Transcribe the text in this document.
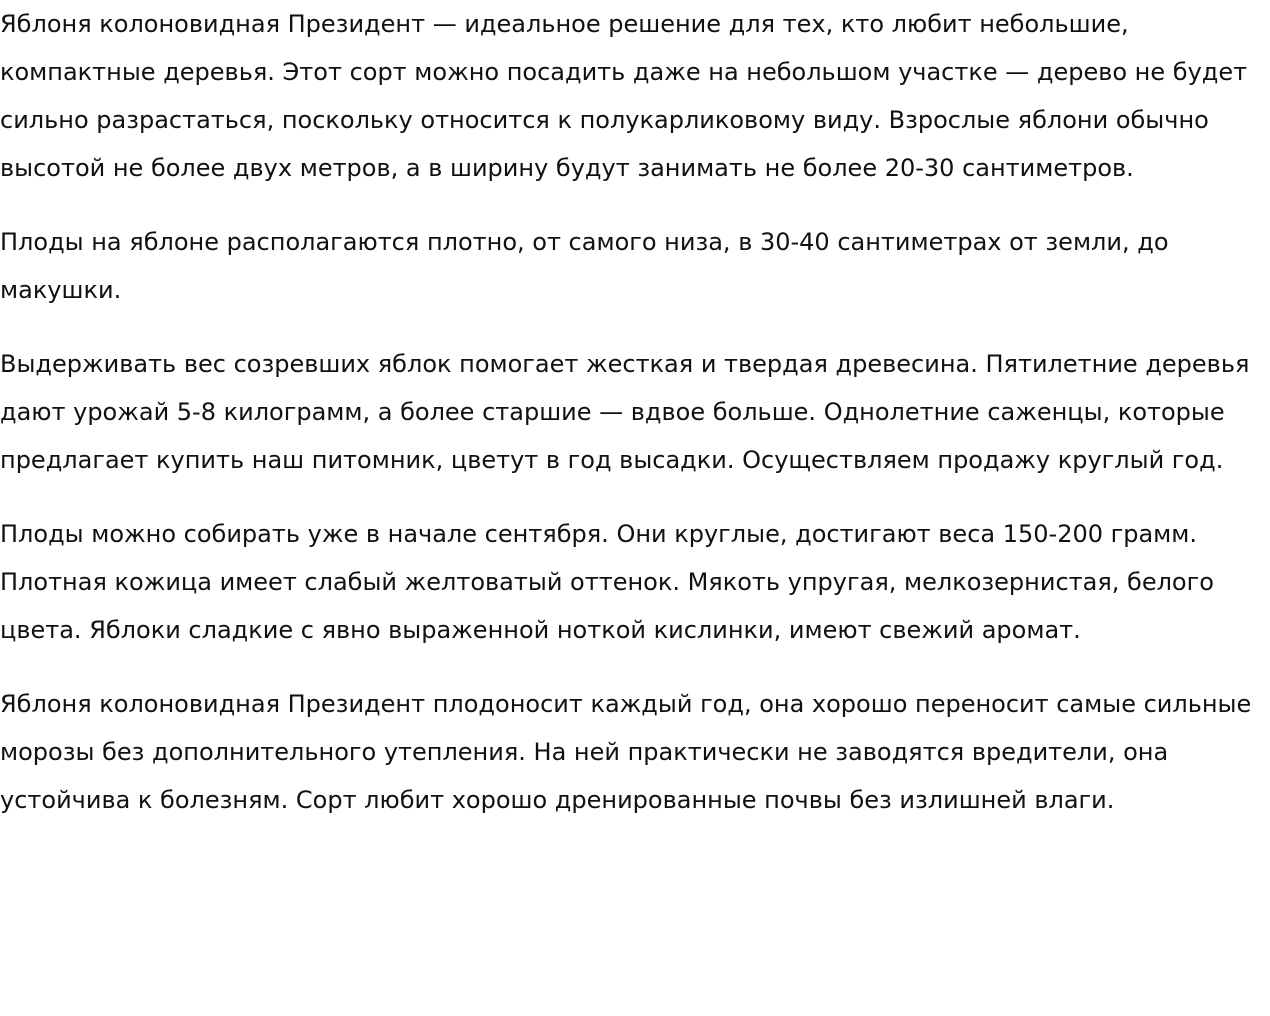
Яблоня колоновидная Президент — идеальное решение для тех, кто любит небольшие, компактные деревья. Этот сорт можно посадить даже на небольшом участке — дерево не будет сильно разрастаться, поскольку относится к полукарликовому виду. Взрослые яблони обычно высотой не более двух метров, а в ширину будут занимать не более 20-30 сантиметров.

Плоды на яблоне располагаются плотно, от самого низа, в 30-40 сантиметрах от земли, до макушки.

Выдерживать вес созревших яблок помогает жесткая и твердая древесина. Пятилетние деревья дают урожай 5-8 килограмм, а более старшие — вдвое больше. Однолетние саженцы, которые предлагает купить наш питомник, цветут в год высадки. Осуществляем продажу круглый год.

Плоды можно собирать уже в начале сентября. Они круглые, достигают веса 150-200 грамм. Плотная кожица имеет слабый желтоватый оттенок. Мякоть упругая, мелкозернистая, белого цвета. Яблоки сладкие с явно выраженной ноткой кислинки, имеют свежий аромат.

Яблоня колоновидная Президент плодоносит каждый год, она хорошо переносит самые сильные морозы без дополнительного утепления. На ней практически не заводятся вредители, она устойчива к болезням. Сорт любит хорошо дренированные почвы без излишней влаги.
